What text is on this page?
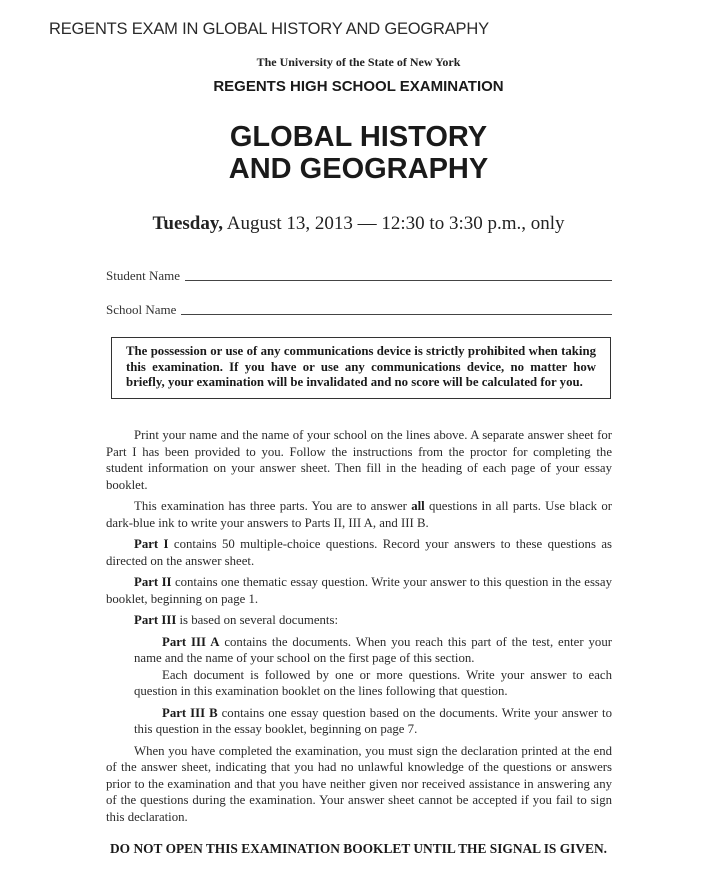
REGENTS EXAM IN GLOBAL HISTORY AND GEOGRAPHY
The University of the State of New York
REGENTS HIGH SCHOOL EXAMINATION
GLOBAL HISTORY
AND GEOGRAPHY
Tuesday, August 13, 2013 — 12:30 to 3:30 p.m., only
Student Name
School Name
The possession or use of any communications device is strictly prohibited when taking this examination. If you have or use any communications device, no matter how briefly, your examination will be invalidated and no score will be calculated for you.

Print your name and the name of your school on the lines above. A separate answer sheet for Part I has been provided to you. Follow the instructions from the proctor for completing the student information on your answer sheet. Then fill in the heading of each page of your essay booklet.

This examination has three parts. You are to answer all questions in all parts. Use black or dark-blue ink to write your answers to Parts II, III A, and III B.

Part I contains 50 multiple-choice questions. Record your answers to these questions as directed on the answer sheet.

Part II contains one thematic essay question. Write your answer to this question in the essay booklet, beginning on page 1.

Part III is based on several documents:

Part III A contains the documents. When you reach this part of the test, enter your name and the name of your school on the first page of this section.

Each document is followed by one or more questions. Write your answer to each question in this examination booklet on the lines following that question.

Part III B contains one essay question based on the documents. Write your answer to this question in the essay booklet, beginning on page 7.

When you have completed the examination, you must sign the declaration printed at the end of the answer sheet, indicating that you had no unlawful knowledge of the questions or answers prior to the examination and that you have neither given nor received assistance in answering any of the questions during the examination. Your answer sheet cannot be accepted if you fail to sign this declaration.

DO NOT OPEN THIS EXAMINATION BOOKLET UNTIL THE SIGNAL IS GIVEN.
